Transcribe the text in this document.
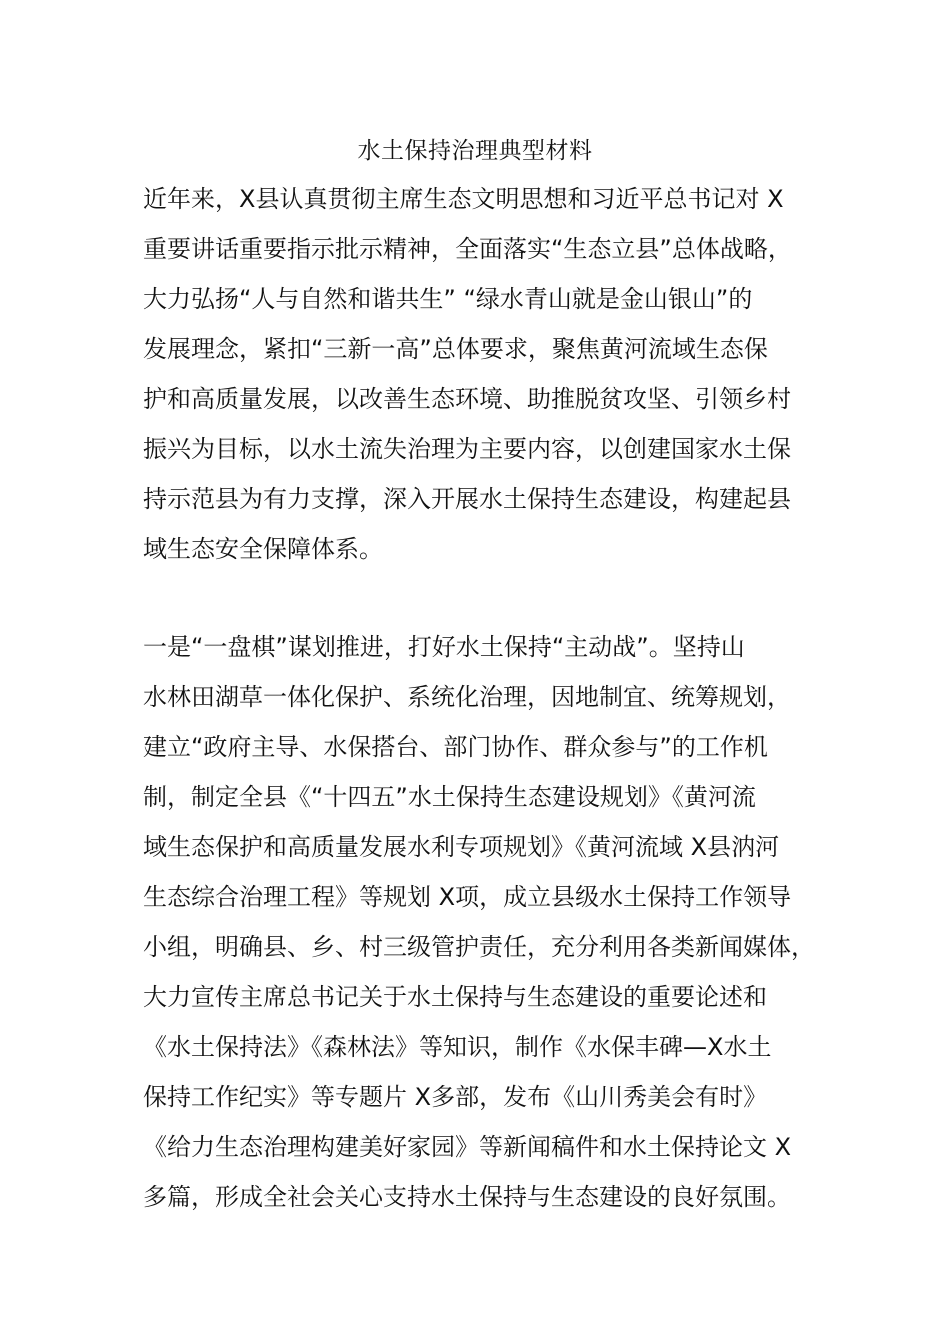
水土保持治理典型材料
近年来，X县认真贯彻主席生态文明思想和习近平总书记对 X
重要讲话重要指示批示精神，全面落实“生态立县”总体战略，
大力弘扬“人与自然和谐共生” “绿水青山就是金山银山”的
发展理念，紧扣“三新一高”总体要求，聚焦黄河流域生态保
护和高质量发展，以改善生态环境、助推脱贫攻坚、引领乡村
振兴为目标，以水土流失治理为主要内容，以创建国家水土保
持示范县为有力支撑，深入开展水土保持生态建设，构建起县
域生态安全保障体系。
一是“一盘棋”谋划推进，打好水土保持“主动战”。坚持山
水林田湖草一体化保护、系统化治理，因地制宜、统筹规划，
建立“政府主导、水保搭台、部门协作、群众参与”的工作机
制，制定全县《“十四五”水土保持生态建设规划》《黄河流
域生态保护和高质量发展水利专项规划》《黄河流域 X县汭河
生态综合治理工程》等规划 X项，成立县级水土保持工作领导
小组，明确县、乡、村三级管护责任，充分利用各类新闻媒体，
大力宣传主席总书记关于水土保持与生态建设的重要论述和
《水土保持法》《森林法》等知识，制作《水保丰碑—X水土
保持工作纪实》等专题片 X多部，发布《山川秀美会有时》
《给力生态治理构建美好家园》等新闻稿件和水土保持论文 X
多篇，形成全社会关心支持水土保持与生态建设的良好氛围。
